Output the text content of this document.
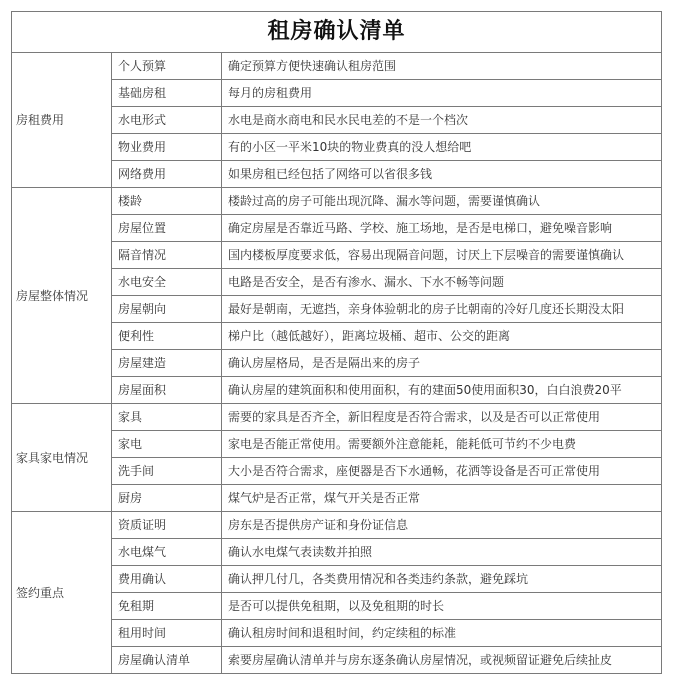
租房确认清单		
房租费用	个人预算	确定预算方便快速确认租房范围
	基础房租	每月的房租费用
	水电形式	水电是商水商电和民水民电差的不是一个档次
	物业费用	有的小区一平米10块的物业费真的没人想给吧
	网络费用	如果房租已经包括了网络可以省很多钱
房屋整体情况	楼龄	楼龄过高的房子可能出现沉降、漏水等问题，需要谨慎确认
	房屋位置	确定房屋是否靠近马路、学校、施工场地，是否是电梯口，避免噪音影响
	隔音情况	国内楼板厚度要求低，容易出现隔音问题，讨厌上下层噪音的需要谨慎确认
	水电安全	电路是否安全，是否有渗水、漏水、下水不畅等问题
	房屋朝向	最好是朝南，无遮挡，亲身体验朝北的房子比朝南的冷好几度还长期没太阳
	便利性	梯户比（越低越好），距离垃圾桶、超市、公交的距离
	房屋建造	确认房屋格局，是否是隔出来的房子
	房屋面积	确认房屋的建筑面积和使用面积，有的建面50使用面积30，白白浪费20平
家具家电情况	家具	需要的家具是否齐全，新旧程度是否符合需求，以及是否可以正常使用
	家电	家电是否能正常使用。需要额外注意能耗，能耗低可节约不少电费
	洗手间	大小是否符合需求，座便器是否下水通畅，花洒等设备是否可正常使用
	厨房	煤气炉是否正常，煤气开关是否正常
签约重点	资质证明	房东是否提供房产证和身份证信息
	水电煤气	确认水电煤气表读数并拍照
	费用确认	确认押几付几，各类费用情况和各类违约条款，避免踩坑
	免租期	是否可以提供免租期，以及免租期的时长
	租用时间	确认租房时间和退租时间，约定续租的标准
	房屋确认清单	索要房屋确认清单并与房东逐条确认房屋情况，或视频留证避免后续扯皮
